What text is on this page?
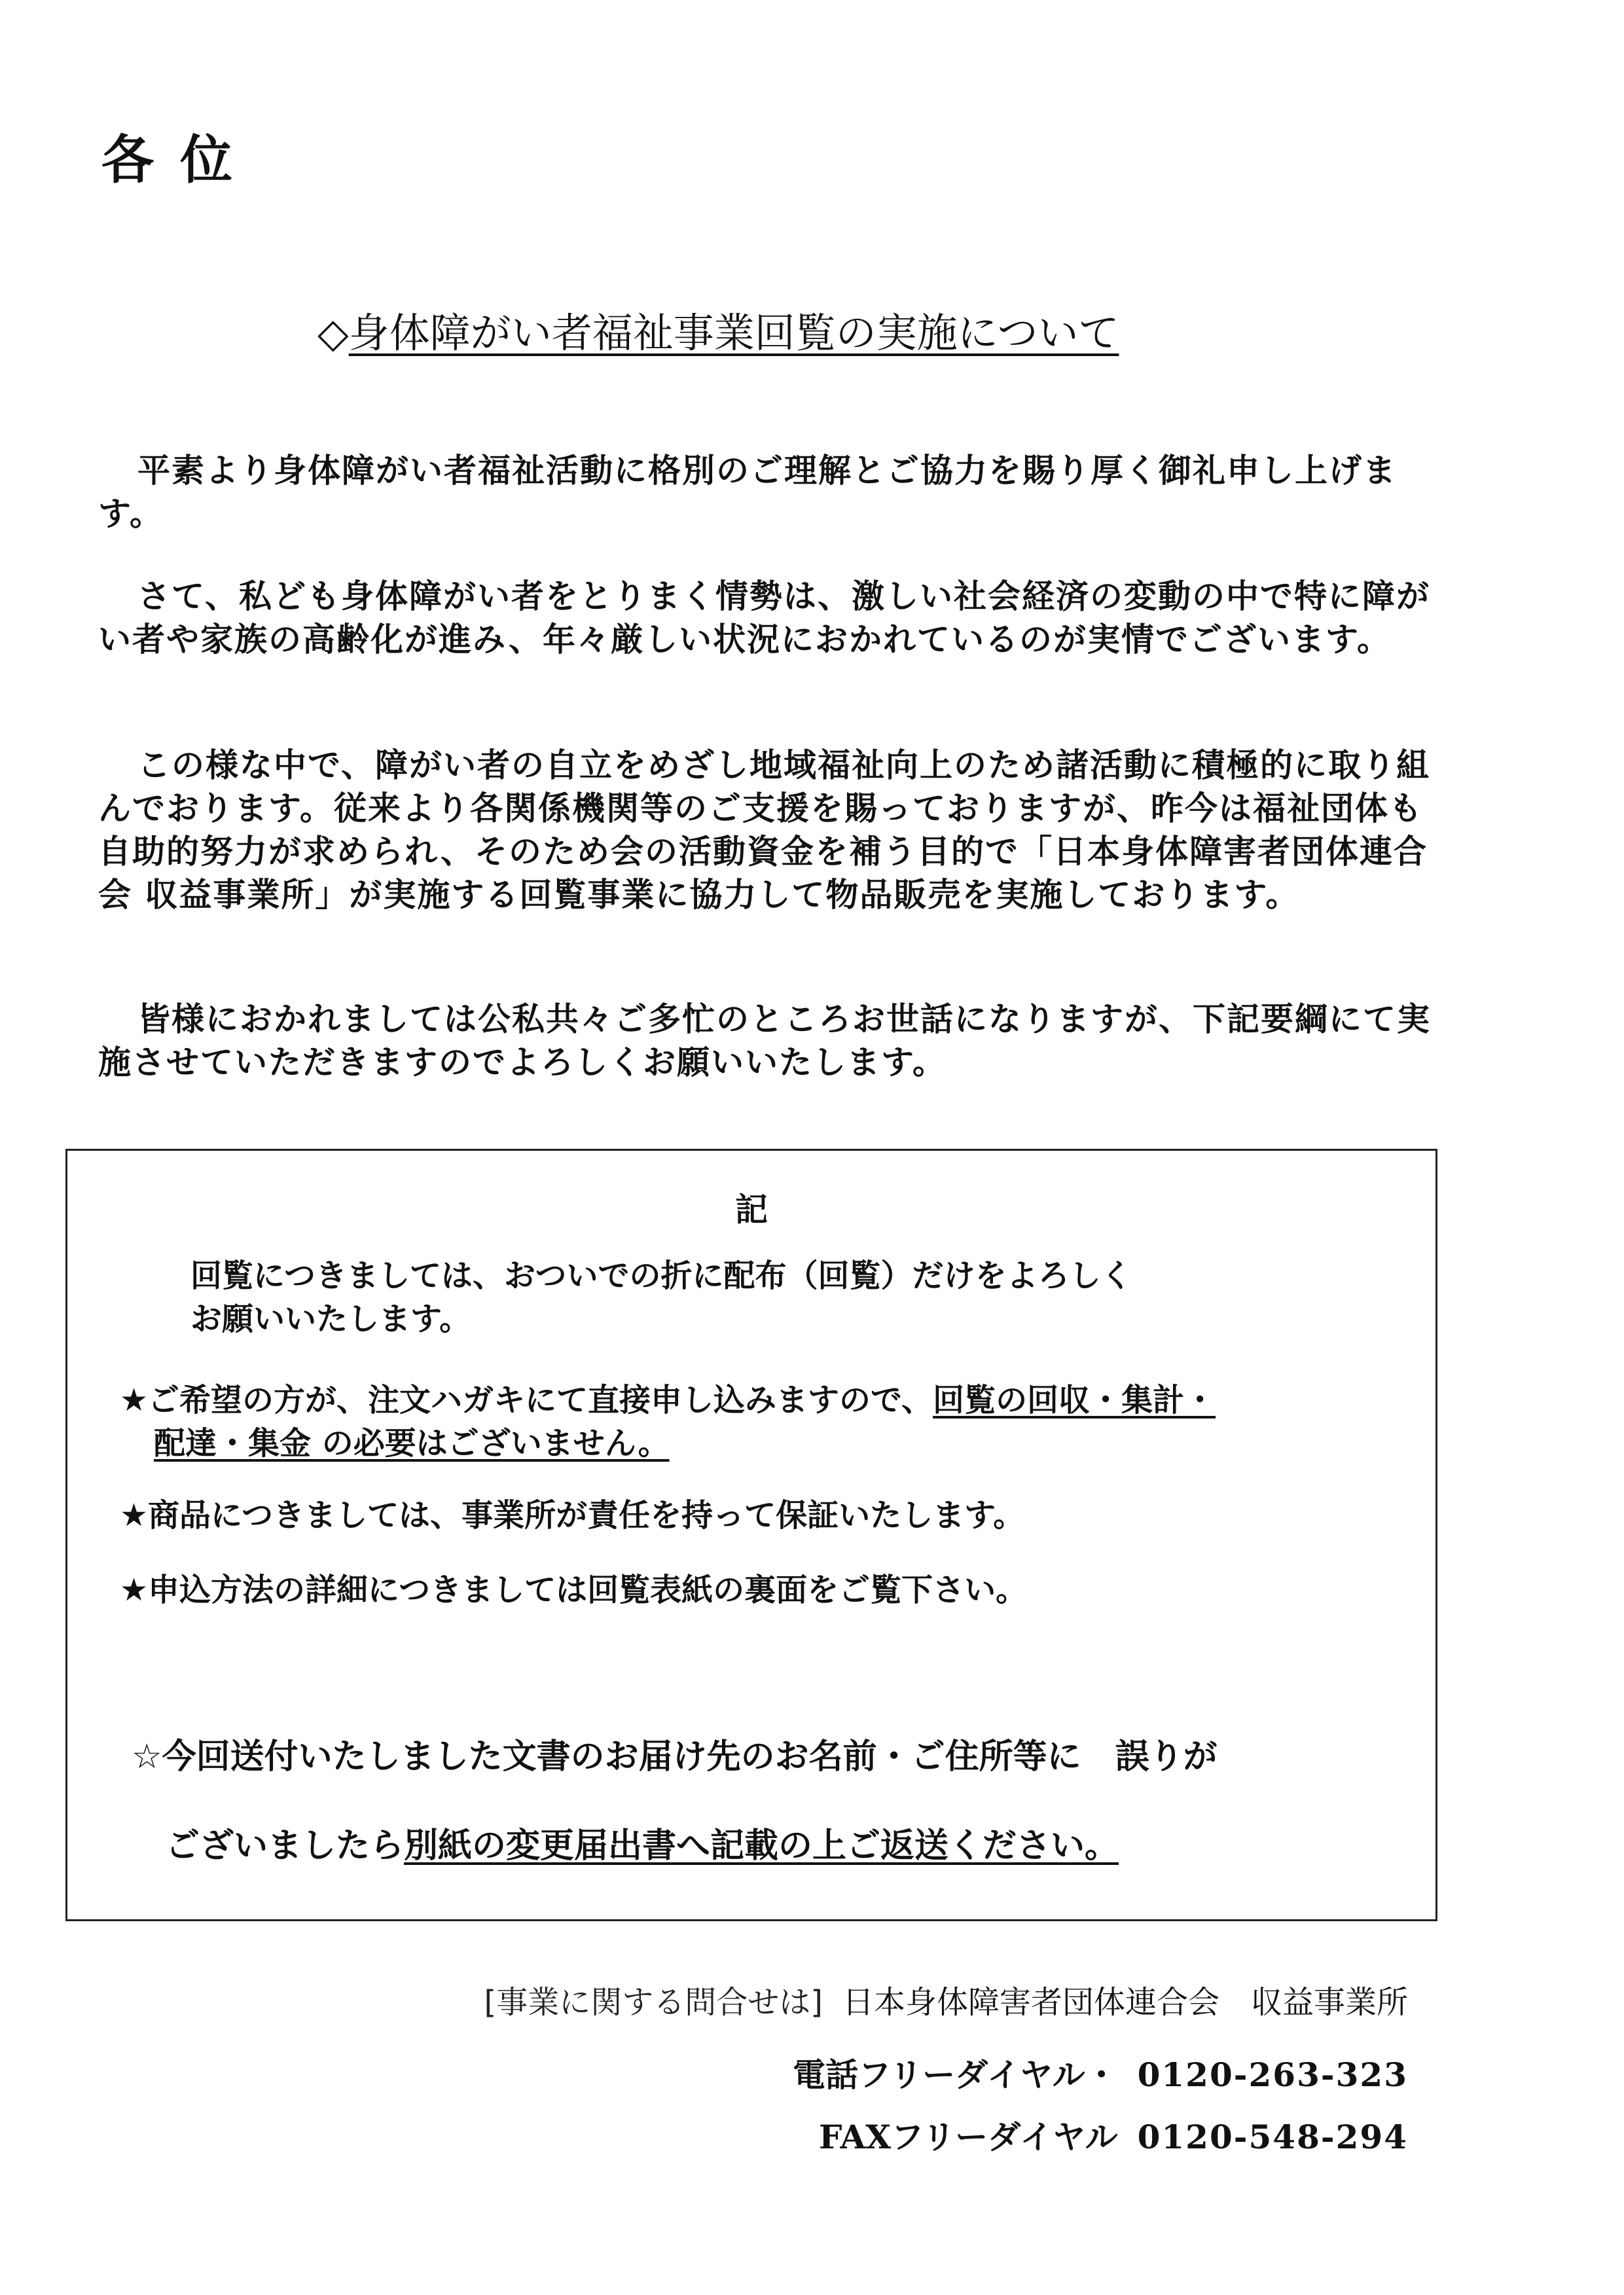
各位
◇身体障がい者福祉事業回覧の実施について

平素より身体障がい者福祉活動に格別のご理解とご協力を賜り厚く御礼申し上げます。

さて、私ども身体障がい者をとりまく情勢は、激しい社会経済の変動の中で特に障がい者や家族の高齢化が進み、年々厳しい状況におかれているのが実情でございます。

この様な中で、障がい者の自立をめざし地域福祉向上のため諸活動に積極的に取り組んでおります。従来より各関係機関等のご支援を賜っておりますが、昨今は福祉団体も自助的努力が求められ、そのため会の活動資金を補う目的で「日本身体障害者団体連合会 収益事業所」が実施する回覧事業に協力して物品販売を実施しております。

皆様におかれましては公私共々ご多忙のところお世話になりますが、下記要綱にて実施させていただきますのでよろしくお願いいたします。

記
回覧につきましては、おついでの折に配布（回覧）だけをよろしく
お願いいたします。
★ご希望の方が、注文ハガキにて直接申し込みますので、回覧の回収・集計・
配達・集金 の必要はございません。
★商品につきましては、事業所が責任を持って保証いたします。
★申込方法の詳細につきましては回覧表紙の裏面をご覧下さい。
☆今回送付いたしました文書のお届け先のお名前・ご住所等に　誤りが
ございましたら別紙の変更届出書へ記載の上ご返送ください。
[事業に関する問合せは] 日本身体障害者団体連合会　収益事業所
電話フリーダイヤル・ 0120-263-323
FAXフリーダイヤル 0120-548-294
